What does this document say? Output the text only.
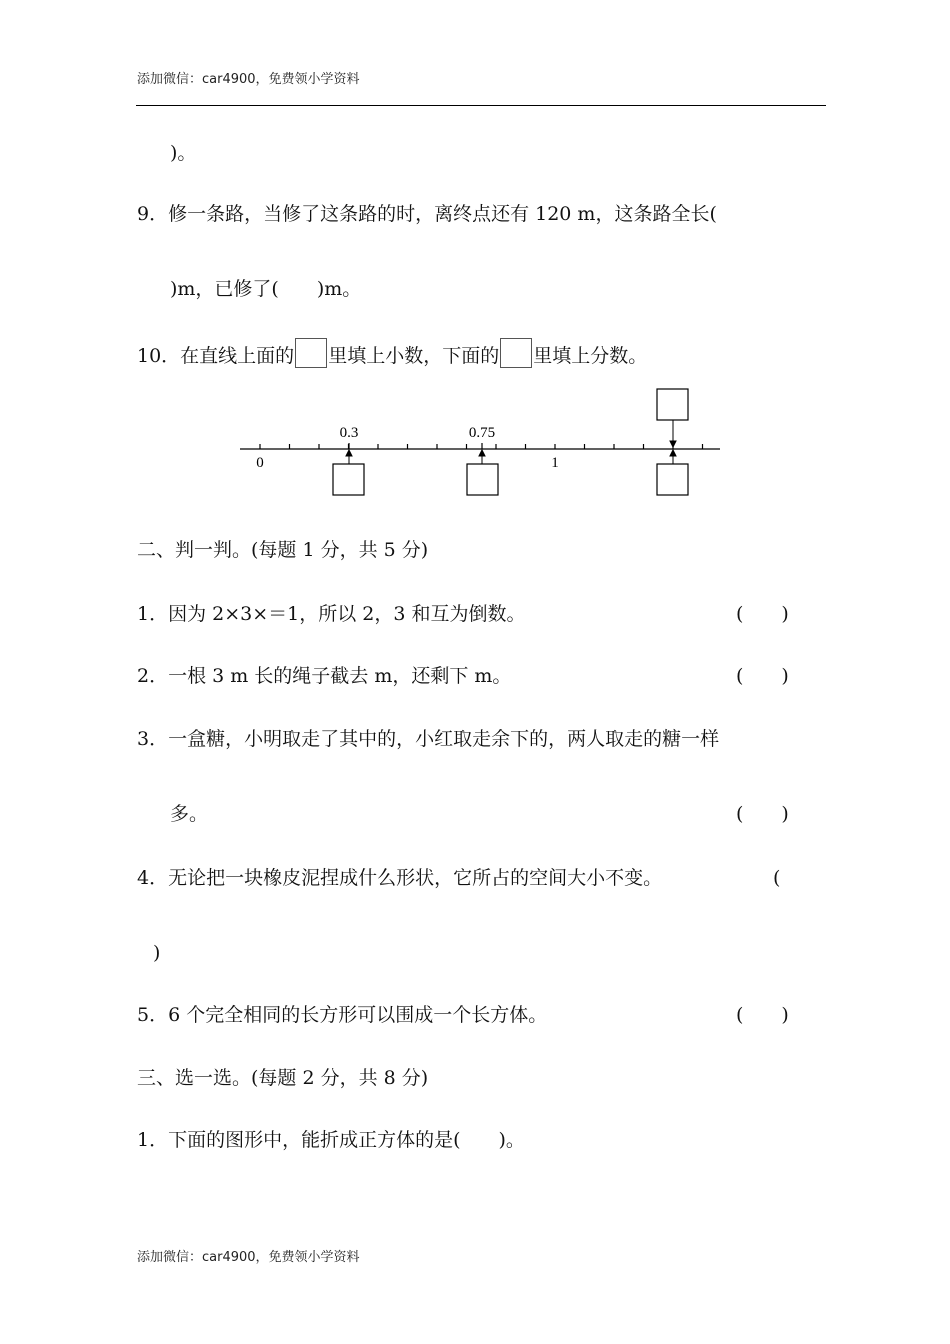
添加微信：car4900，免费领小学资料
)。
9．修一条路，当修了这条路的时，离终点还有 120 m，这条路全长(
)m，已修了(　　)m。
10．在直线上面的 里填上小数，下面的 里填上分数。
0	1
0.3	0.75
二、判一判。(每题 1 分，共 5 分)
1．因为 2×3×＝1，所以 2，3 和互为倒数。	(　　)
2．一根 3 m 长的绳子截去 m，还剩下 m。	(　　)
3．一盒糖，小明取走了其中的，小红取走余下的，两人取走的糖一样
多。	(　　)
4．无论把一块橡皮泥捏成什么形状，它所占的空间大小不变。	(
)
5．6 个完全相同的长方形可以围成一个长方体。	(　　)
三、选一选。(每题 2 分，共 8 分)
1．下面的图形中，能折成正方体的是(　　)。
添加微信：car4900，免费领小学资料
